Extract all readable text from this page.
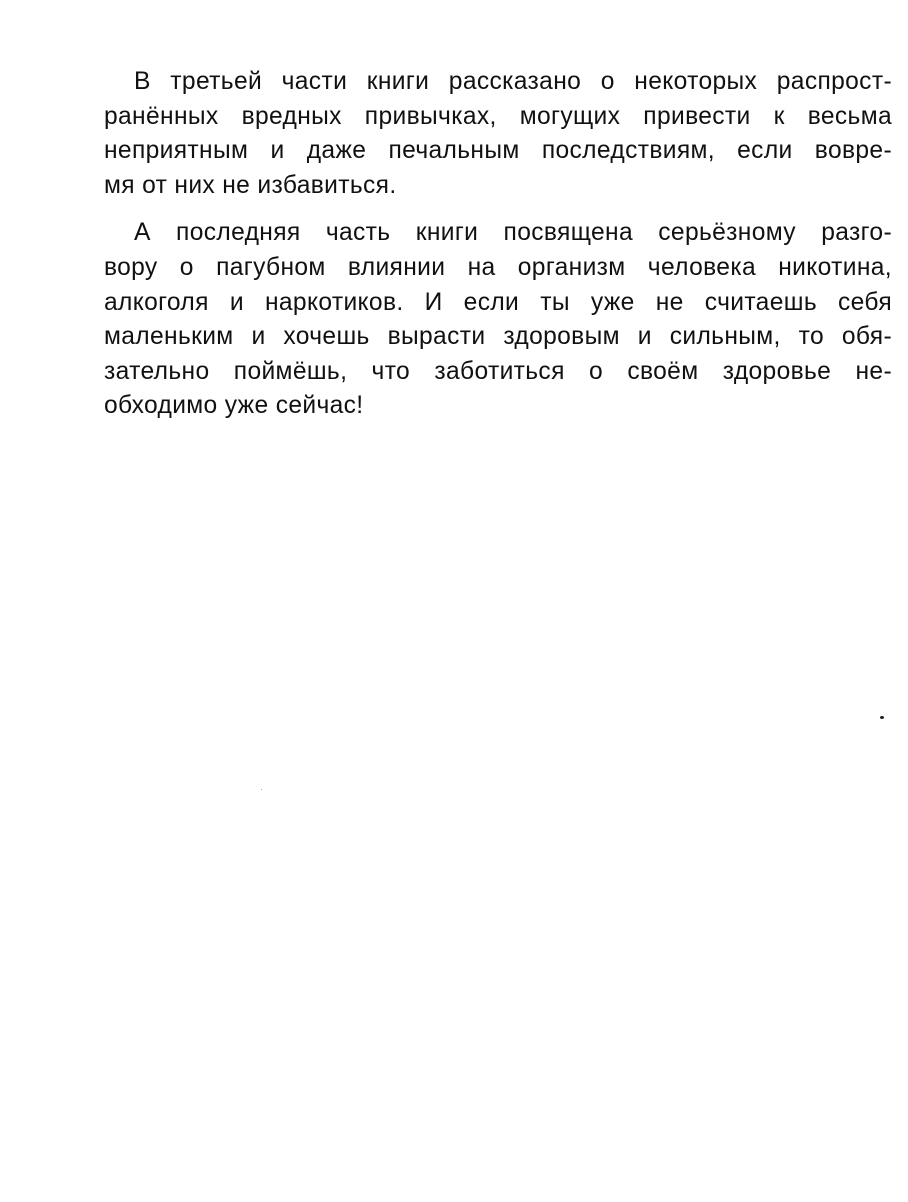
В третьей части книги рассказано о некоторых распрост-
ранённых вредных привычках, могущих привести к весьма
неприятным и даже печальным последствиям, если вовре-
мя от них не избавиться.
А последняя часть книги посвящена серьёзному разго-
вору о пагубном влиянии на организм человека никотина,
алкоголя и наркотиков. И если ты уже не считаешь себя
маленьким и хочешь вырасти здоровым и сильным, то обя-
зательно поймёшь, что заботиться о своём здоровье не-
обходимо уже сейчас!
